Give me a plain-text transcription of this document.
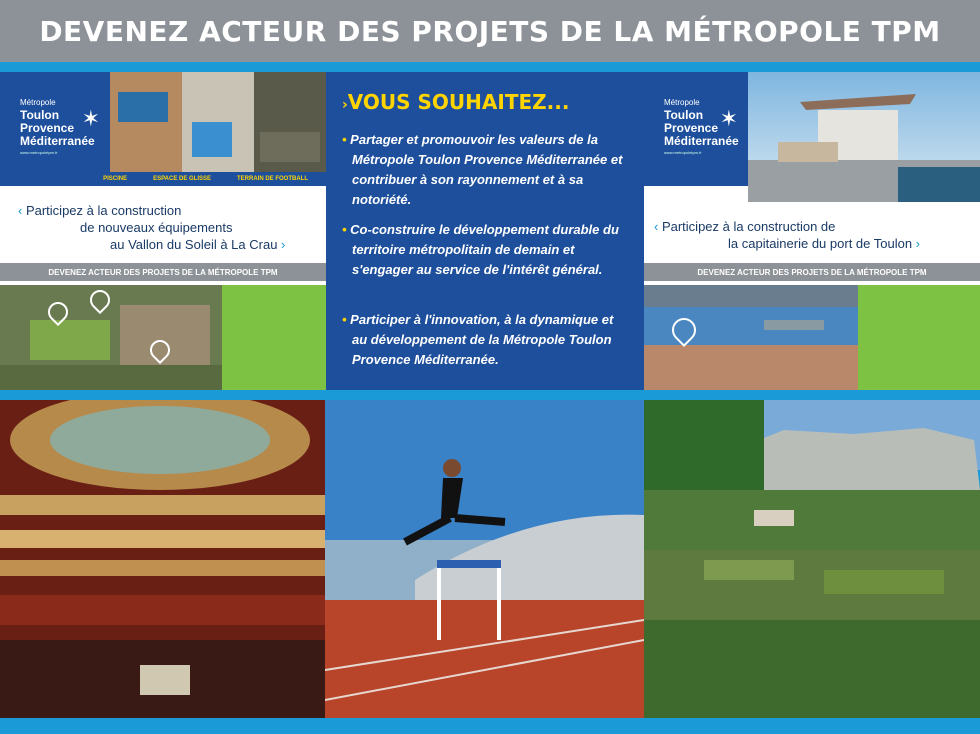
DEVENEZ ACTEUR DES PROJETS DE LA MÉTROPOLE TPM
Métropole
Toulon Provence Méditerranée
✶
www.metropoletpm.fr
PISCINE	ESPACE DE GLISSE	TERRAIN DE FOOTBALL
‹ Participez à la construction
de nouveaux équipements
au Vallon du Soleil à La Crau ›
DEVENEZ ACTEUR DES PROJETS DE LA MÉTROPOLE TPM
›VOUS SOUHAITEZ...

• Partager et promouvoir les valeurs de la Métropole Toulon Provence Méditerranée et contribuer à son rayonnement et à sa notoriété.

• Co-construire le développement durable du territoire métropolitain de demain et s'engager au service de l'intérêt général.

• Participer à l'innovation, à la dynamique et au développement de la Métropole Toulon Provence Méditerranée.

Métropole
Toulon Provence Méditerranée
✶
www.metropoletpm.fr
‹ Participez à la construction de
la capitainerie du port de Toulon ›
DEVENEZ ACTEUR DES PROJETS DE LA MÉTROPOLE TPM
